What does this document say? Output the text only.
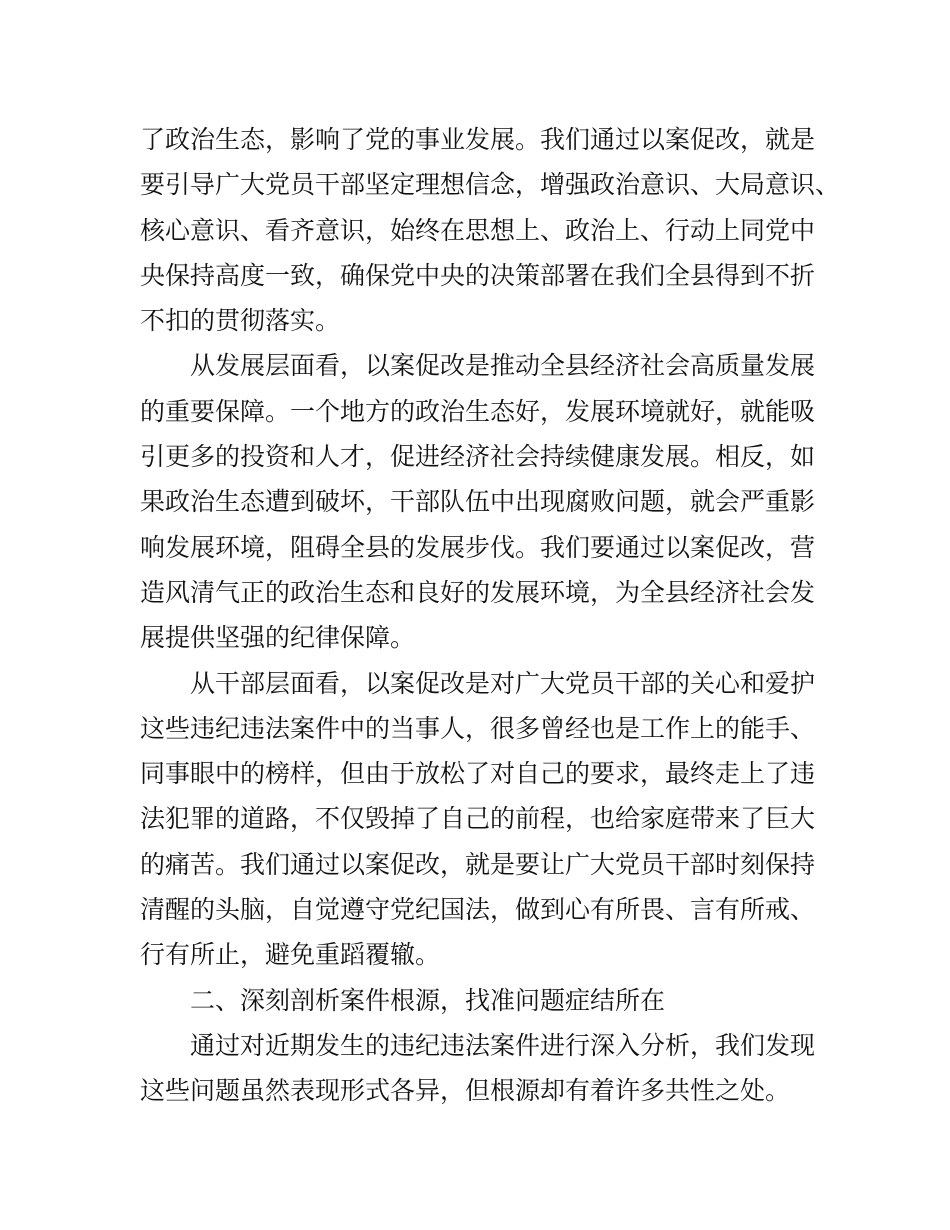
了政治生态，影响了党的事业发展。我们通过以案促改，就是
要引导广大党员干部坚定理想信念，增强政治意识、大局意识、
核心意识、看齐意识，始终在思想上、政治上、行动上同党中
央保持高度一致，确保党中央的决策部署在我们全县得到不折
不扣的贯彻落实。
从发展层面看，以案促改是推动全县经济社会高质量发展
的重要保障。一个地方的政治生态好，发展环境就好，就能吸
引更多的投资和人才，促进经济社会持续健康发展。相反，如
果政治生态遭到破坏，干部队伍中出现腐败问题，就会严重影
响发展环境，阻碍全县的发展步伐。我们要通过以案促改，营
造风清气正的政治生态和良好的发展环境，为全县经济社会发
展提供坚强的纪律保障。
从干部层面看，以案促改是对广大党员干部的关心和爱护
这些违纪违法案件中的当事人，很多曾经也是工作上的能手、
同事眼中的榜样，但由于放松了对自己的要求，最终走上了违
法犯罪的道路，不仅毁掉了自己的前程，也给家庭带来了巨大
的痛苦。我们通过以案促改，就是要让广大党员干部时刻保持
清醒的头脑，自觉遵守党纪国法，做到心有所畏、言有所戒、
行有所止，避免重蹈覆辙。
二、深刻剖析案件根源，找准问题症结所在
通过对近期发生的违纪违法案件进行深入分析，我们发现
这些问题虽然表现形式各异，但根源却有着许多共性之处。
